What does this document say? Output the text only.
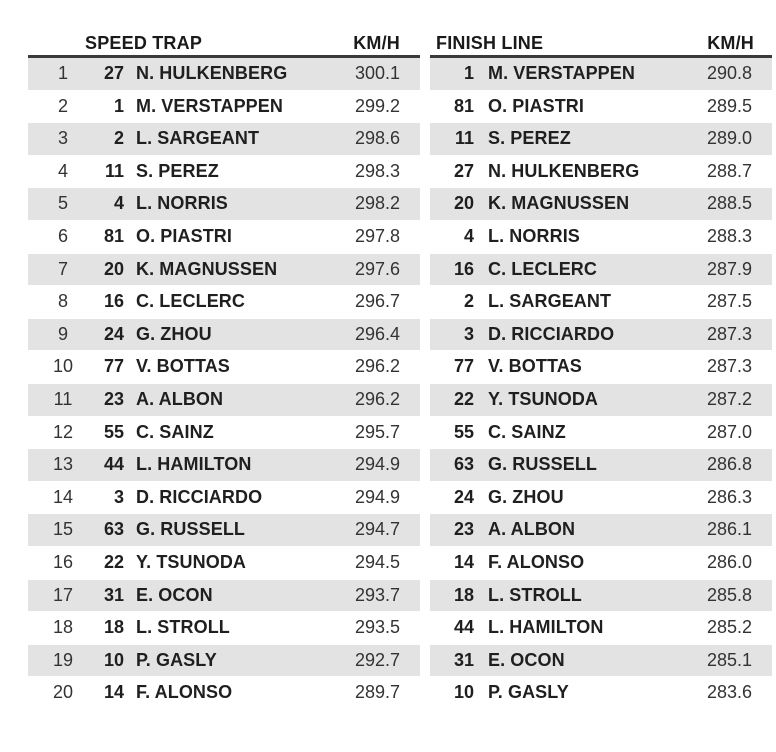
SPEED TRAP	KM/H
1	27 N. HULKENBERG	300.1
2	1 M. VERSTAPPEN	299.2
3	2 L. SARGEANT	298.6
4	11 S. PEREZ	298.3
5	4 L. NORRIS	298.2
6	81 O. PIASTRI	297.8
7	20 K. MAGNUSSEN	297.6
8	16 C. LECLERC	296.7
9	24 G. ZHOU	296.4
10	77 V. BOTTAS	296.2
11	23 A. ALBON	296.2
12	55 C. SAINZ	295.7
13	44 L. HAMILTON	294.9
14	3 D. RICCIARDO	294.9
15	63 G. RUSSELL	294.7
16	22 Y. TSUNODA	294.5
17	31 E. OCON	293.7
18	18 L. STROLL	293.5
19	10 P. GASLY	292.7
20	14 F. ALONSO	289.7
FINISH LINE	KM/H
1 M. VERSTAPPEN	290.8
81 O. PIASTRI	289.5
11 S. PEREZ	289.0
27 N. HULKENBERG	288.7
20 K. MAGNUSSEN	288.5
4 L. NORRIS	288.3
16 C. LECLERC	287.9
2 L. SARGEANT	287.5
3 D. RICCIARDO	287.3
77 V. BOTTAS	287.3
22 Y. TSUNODA	287.2
55 C. SAINZ	287.0
63 G. RUSSELL	286.8
24 G. ZHOU	286.3
23 A. ALBON	286.1
14 F. ALONSO	286.0
18 L. STROLL	285.8
44 L. HAMILTON	285.2
31 E. OCON	285.1
10 P. GASLY	283.6
